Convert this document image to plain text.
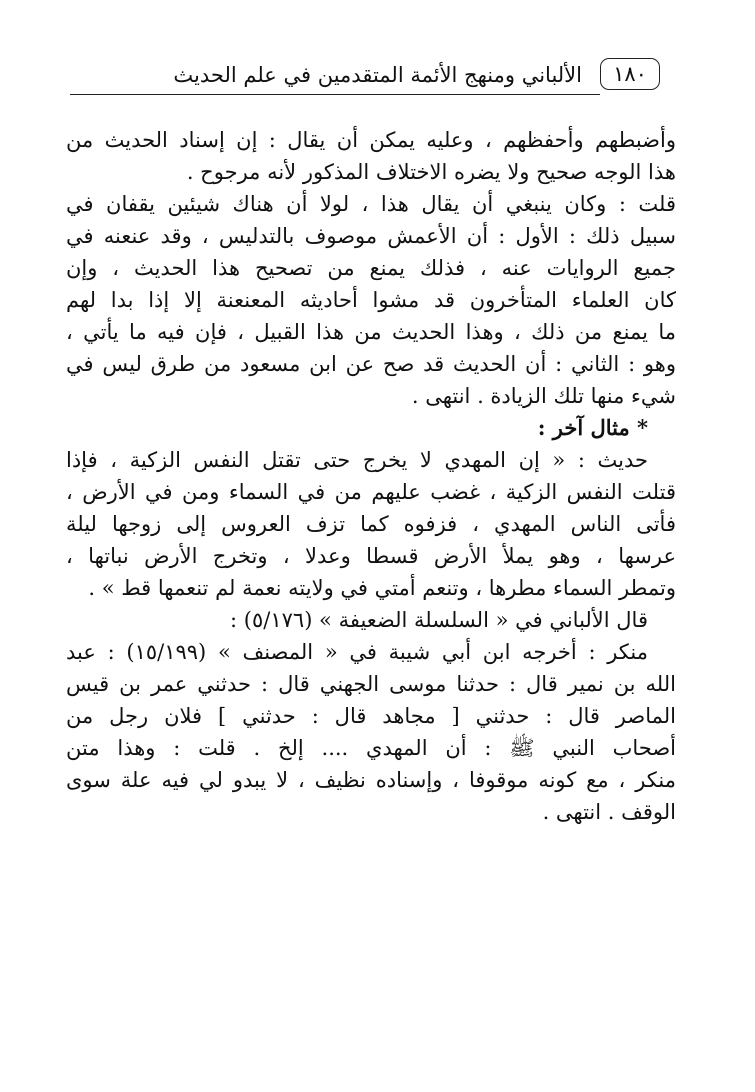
١٨٠
الألباني ومنهج الأئمة المتقدمين في علم الحديث
وأضبطهم وأحفظهم ، وعليه يمكن أن يقال : إن إسناد الحديث من
هذا الوجه صحيح ولا يضره الاختلاف المذكور لأنه مرجوح .
قلت : وكان ينبغي أن يقال هذا ، لولا أن هناك شيئين يقفان في
سبيل ذلك : الأول : أن الأعمش موصوف بالتدليس ، وقد عنعنه في
جميع الروايات عنه ، فذلك يمنع من تصحيح هذا الحديث ، وإن
كان العلماء المتأخرون قد مشوا أحاديثه المعنعنة إلا إذا بدا لهم
ما يمنع من ذلك ، وهذا الحديث من هذا القبيل ، فإن فيه ما يأتي ،
وهو : الثاني : أن الحديث قد صح عن ابن مسعود من طرق ليس في
شيء منها تلك الزيادة . انتهى .
* مثال آخر :
حديث : « إن المهدي لا يخرج حتى تقتل النفس الزكية ، فإذا
قتلت النفس الزكية ، غضب عليهم من في السماء ومن في الأرض ،
فأتى الناس المهدي ، فزفوه كما تزف العروس إلى زوجها ليلة
عرسها ، وهو يملأ الأرض قسطا وعدلا ، وتخرج الأرض نباتها ،
وتمطر السماء مطرها ، وتنعم أمتي في ولايته نعمة لم تنعمها قط » .
قال الألباني في « السلسلة الضعيفة » (٥/١٧٦) :
منكر : أخرجه ابن أبي شيبة في « المصنف » (١٥/١٩٩) : عبد
الله بن نمير قال : حدثنا موسى الجهني قال : حدثني عمر بن قيس
الماصر قال : حدثني [ مجاهد قال : حدثني ] فلان رجل من
أصحاب النبي ﷺ : أن المهدي .... إلخ . قلت : وهذا متن
منكر ، مع كونه موقوفا ، وإسناده نظيف ، لا يبدو لي فيه علة سوى
الوقف . انتهى .
